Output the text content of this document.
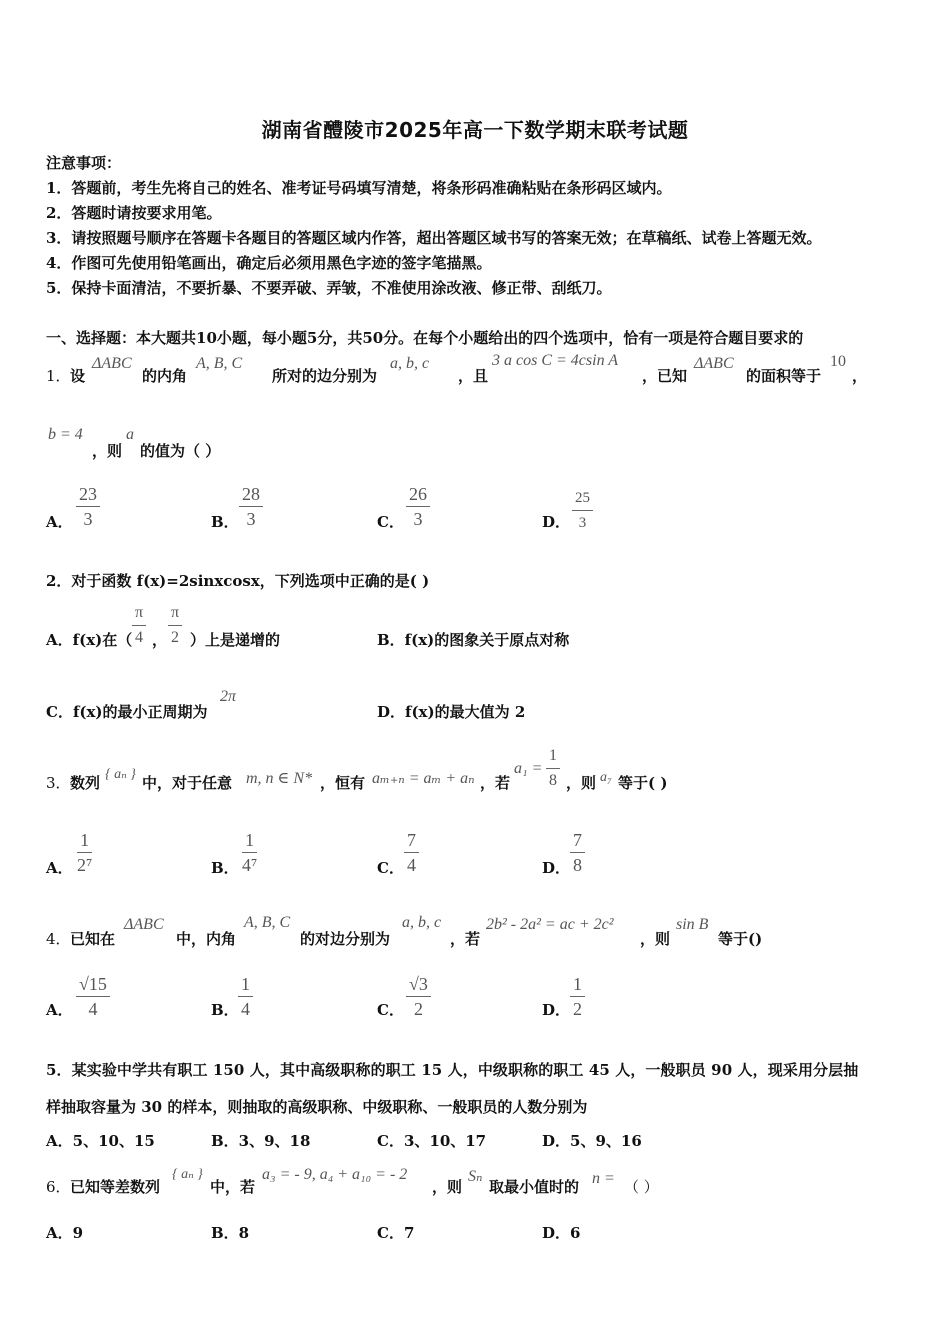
湖南省醴陵市2025年高一下数学期末联考试题
注意事项：
1．答题前，考生先将自己的姓名、准考证号码填写清楚，将条形码准确粘贴在条形码区域内。
2．答题时请按要求用笔。
3．请按照题号顺序在答题卡各题目的答题区域内作答，超出答题区域书写的答案无效；在草稿纸、试卷上答题无效。
4．作图可先使用铅笔画出，确定后必须用黑色字迹的签字笔描黑。
5．保持卡面清洁，不要折暴、不要弄破、弄皱，不准使用涂改液、修正带、刮纸刀。
一、选择题：本大题共10小题，每小题5分，共50分。在每个小题给出的四个选项中，恰有一项是符合题目要求的
1． 设
ΔABC
的内角
A, B, C
所对的边分别为
a, b, c
，且
3 a cos C = 4csin A
，已知
ΔABC
的面积等于
10
，
b = 4
，则
a
的值为（ ）
A． $\frac{23}{3}$	B． $\frac{28}{3}$	C． $\frac{26}{3}$	D． $\frac{25}{3}$
2．对于函数 f(x)=2sinxcosx，下列选项中正确的是( )
A．f(x)在（ $\frac{\pi}{4}$ ， $\frac{\pi}{2}$ ）上是递增的	B．f(x)的图象关于原点对称
C．f(x)的最小正周期为
2π
D．f(x)的最大值为 2
3． 数列 { aₙ } 中，对于任意 m, n ∈ N* ，恒有 aₘ₊ₙ = aₘ + aₙ ，若
$a_1 = \frac{1}{8}$ ，则 a₇ 等于( )
A． $\frac{1}{\text{2⁷}}$	B． $\frac{1}{\text{4⁷}}$	C． $\frac{7}{4}$	D． $\frac{7}{8}$
4． 已知在
ΔABC
中，内角
A, B, C
的对边分别为
a, b, c
，若
2b² - 2a² = ac + 2c²
，则
sin B
等于()
A． $\frac{√15}{4}$	B． $\frac{1}{4}$	C． $\frac{√3}{2}$	D． $\frac{1}{2}$
5．某实验中学共有职工 150 人，其中高级职称的职工 15 人，中级职称的职工 45 人，一般职员 90 人，现采用分层抽
样抽取容量为 30 的样本，则抽取的高级职称、中级职称、一般职员的人数分别为
A．5、10、15	B．3、9、18	C．3、10、17	D．5、9、16
6． 已知等差数列
{ aₙ }
中，若
a₃ = - 9, a₄ + a₁₀ = - 2
，则
Sₙ
取最小值时的 n = （ ）
A．9	B．8	C．7	D．6
